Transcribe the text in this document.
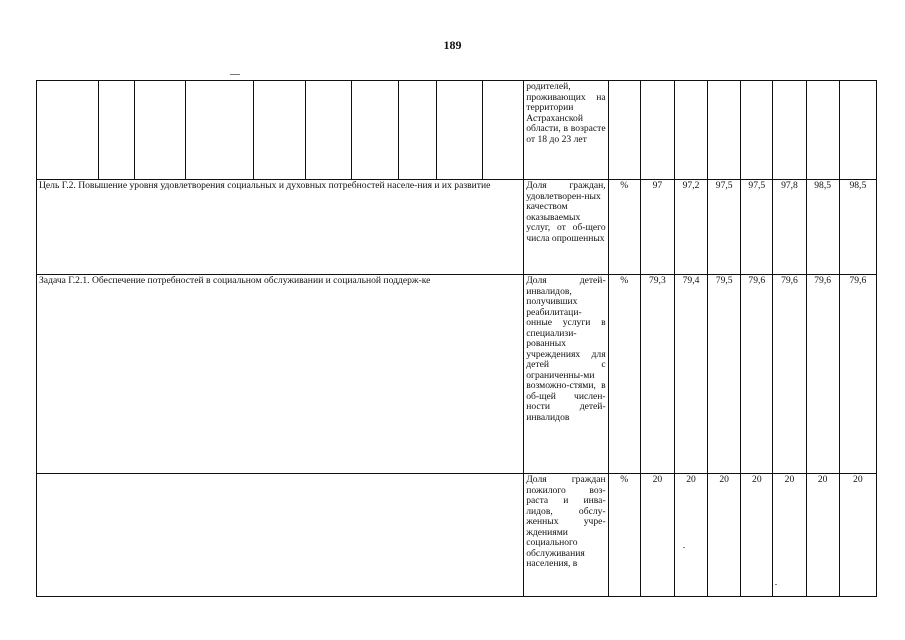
189
										родителей, проживающих на территории Астраханской области, в возрасте от 18 до 23 лет								
Цель Г.2. Повышение уровня удовлетворения социальных и духовных потребностей населе-ния и их развитие										Доля граждан, удовлетворен-ных качеством оказываемых услуг, от об-щего числа опрошенных	%	97	97,2	97,5	97,5	97,8	98,5	98,5
Задача Г.2.1. Обеспечение потребностей в социальном обслуживании и социальной поддерж-ке										Доля детей-инвалидов, получивших реабилитаци-онные услуги в специализи-рованных учреждениях для детей с ограниченны-ми возможно-стями, в об-щей числен-ности детей-инвалидов	%	79,3	79,4	79,5	79,6	79,6	79,6	79,6
										Доля граждан пожилого воз-раста и инва-лидов, обслу-женных учре-ждениями социального обслуживания населения, в	%	20	20	20	20	20	20	20
